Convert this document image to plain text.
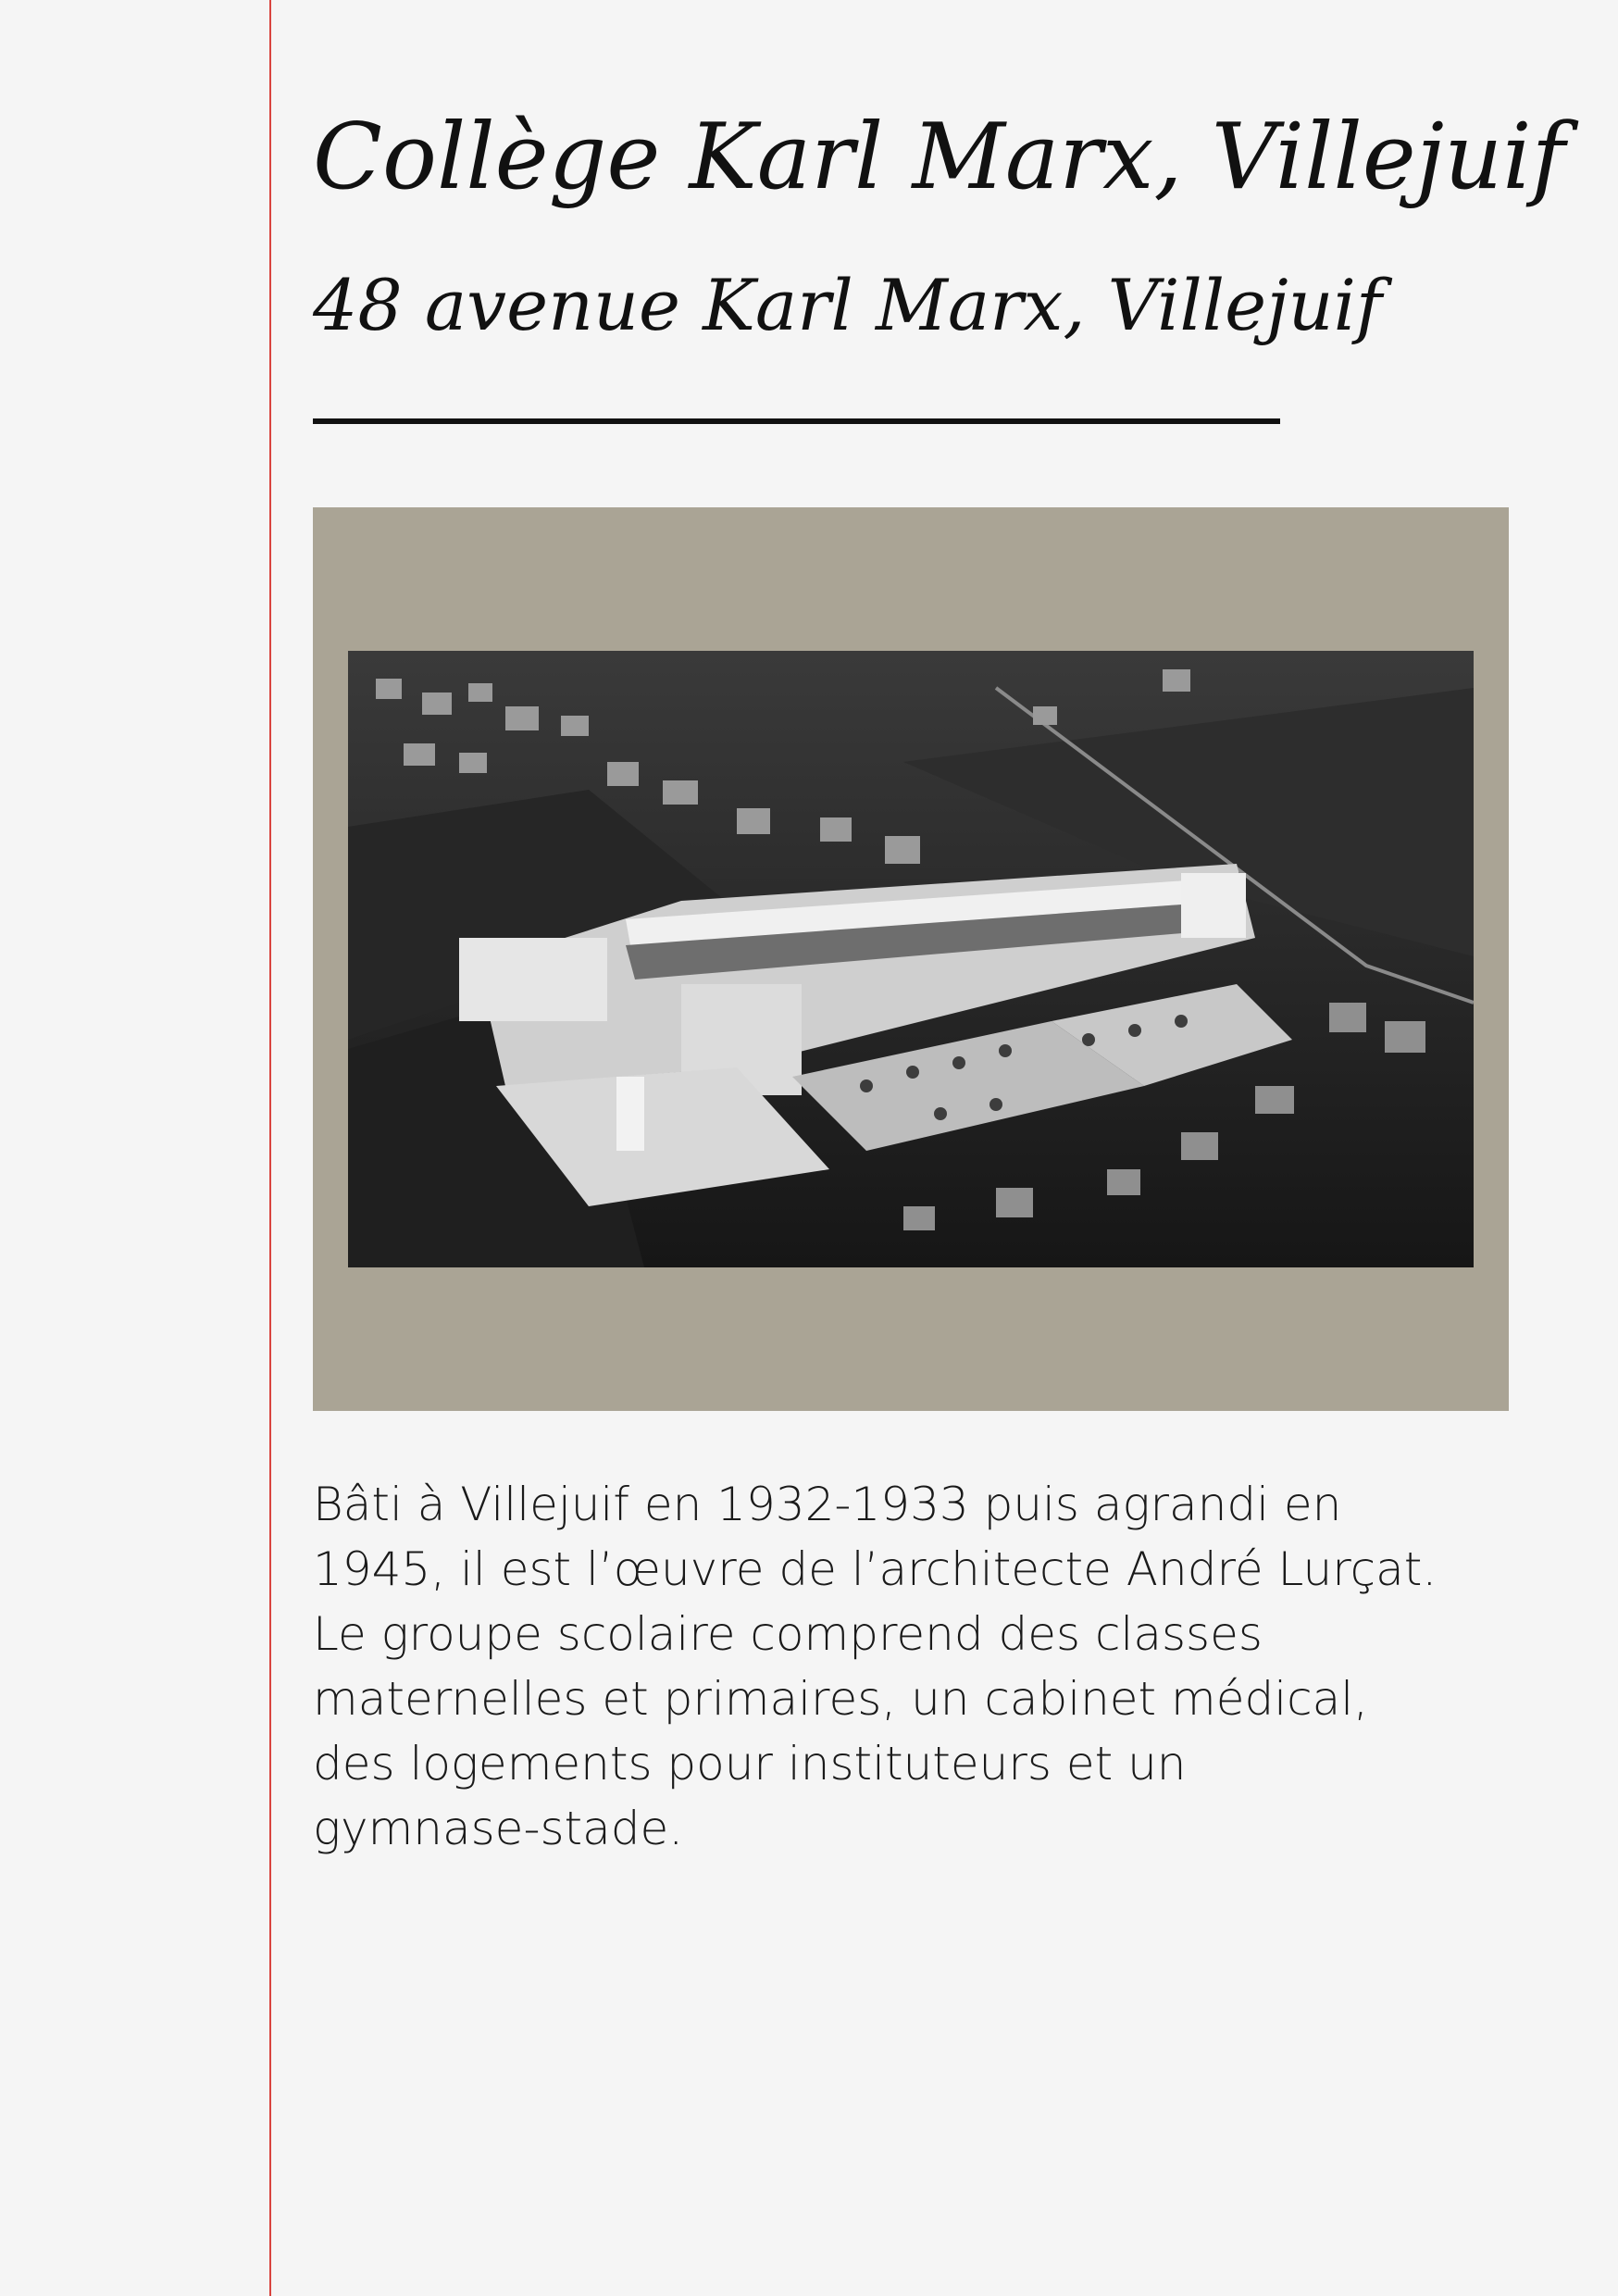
Collège Karl Marx, Villejuif
48 avenue Karl Marx, Villejuif
Bâti à Villejuif en 1932-1933 puis agrandi en
1945, il est l’œuvre de l’architecte André Lurçat.
Le groupe scolaire comprend des classes
maternelles et primaires, un cabinet médical,
des logements pour instituteurs et un
gymnase-stade.
